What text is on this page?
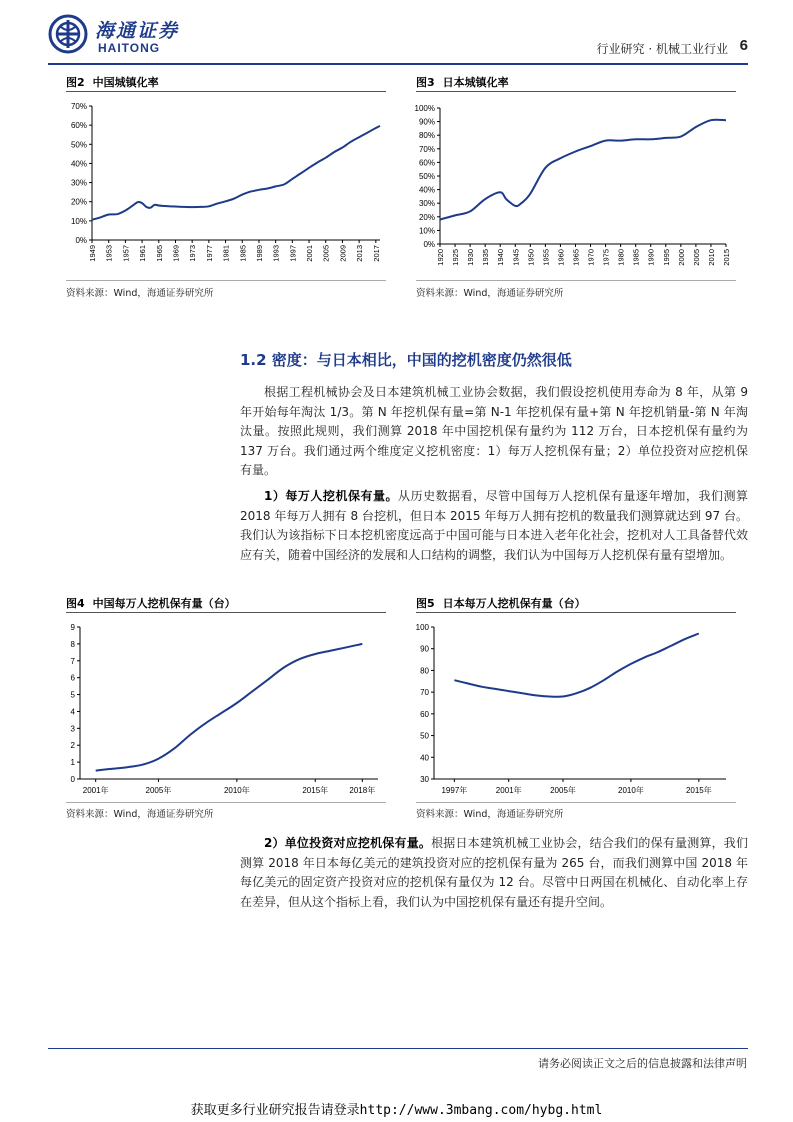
海通证券
HAITONG	行业研究 · 机械工业行业 6
图2 中国城镇化率
0%
10%
20%
30%
40%
50%
60%
70%
1949 1953 1957 1961 1965 1969 1973 1977 1981 1985 1989 1993 1997 2001 2005 2009 2013 2017
资料来源：Wind，海通证券研究所
图3 日本城镇化率
0%
10%
20%
30%
40%
50%
60%
70%
80%
90%
100%
1920 1925 1930 1935 1940 1945 1950 1955 1960 1965 1970 1975 1980 1985 1990 1995 2000 2005 2010 2015
资料来源：Wind，海通证券研究所
1.2 密度：与日本相比，中国的挖机密度仍然很低
根据工程机械协会及日本建筑机械工业协会数据，我们假设挖机使用寿命为 8 年，从第 9 年开始每年淘汰 1/3。第 N 年挖机保有量=第 N-1 年挖机保有量+第 N 年挖机销量-第 N 年淘汰量。按照此规则，我们测算 2018 年中国挖机保有量约为 112 万台，日本挖机保有量约为 137 万台。我们通过两个维度定义挖机密度：1）每万人挖机保有量；2）单位投资对应挖机保有量。
1）每万人挖机保有量。从历史数据看，尽管中国每万人挖机保有量逐年增加，我们测算 2018 年每万人拥有 8 台挖机，但日本 2015 年每万人拥有挖机的数量我们测算就达到 97 台。我们认为该指标下日本挖机密度远高于中国可能与日本进入老年化社会，挖机对人工具备替代效应有关，随着中国经济的发展和人口结构的调整，我们认为中国每万人挖机保有量有望增加。
图4 中国每万人挖机保有量（台）
0
1
2
3
4
5
6
7
8
9
2001年	2005年	2010年	2015年	2018年
资料来源：Wind，海通证券研究所
图5 日本每万人挖机保有量（台）
30
40
50
60
70
80
90
100
1997年	2001年	2005年	2010年	2015年
资料来源：Wind，海通证券研究所
2）单位投资对应挖机保有量。根据日本建筑机械工业协会，结合我们的保有量测算，我们测算 2018 年日本每亿美元的建筑投资对应的挖机保有量为 265 台，而我们测算中国 2018 年每亿美元的固定资产投资对应的挖机保有量仅为 12 台。尽管中日两国在机械化、自动化率上存在差异，但从这个指标上看，我们认为中国挖机保有量还有提升空间。
请务必阅读正文之后的信息披露和法律声明
获取更多行业研究报告请登录http://www.3mbang.com/hybg.html
